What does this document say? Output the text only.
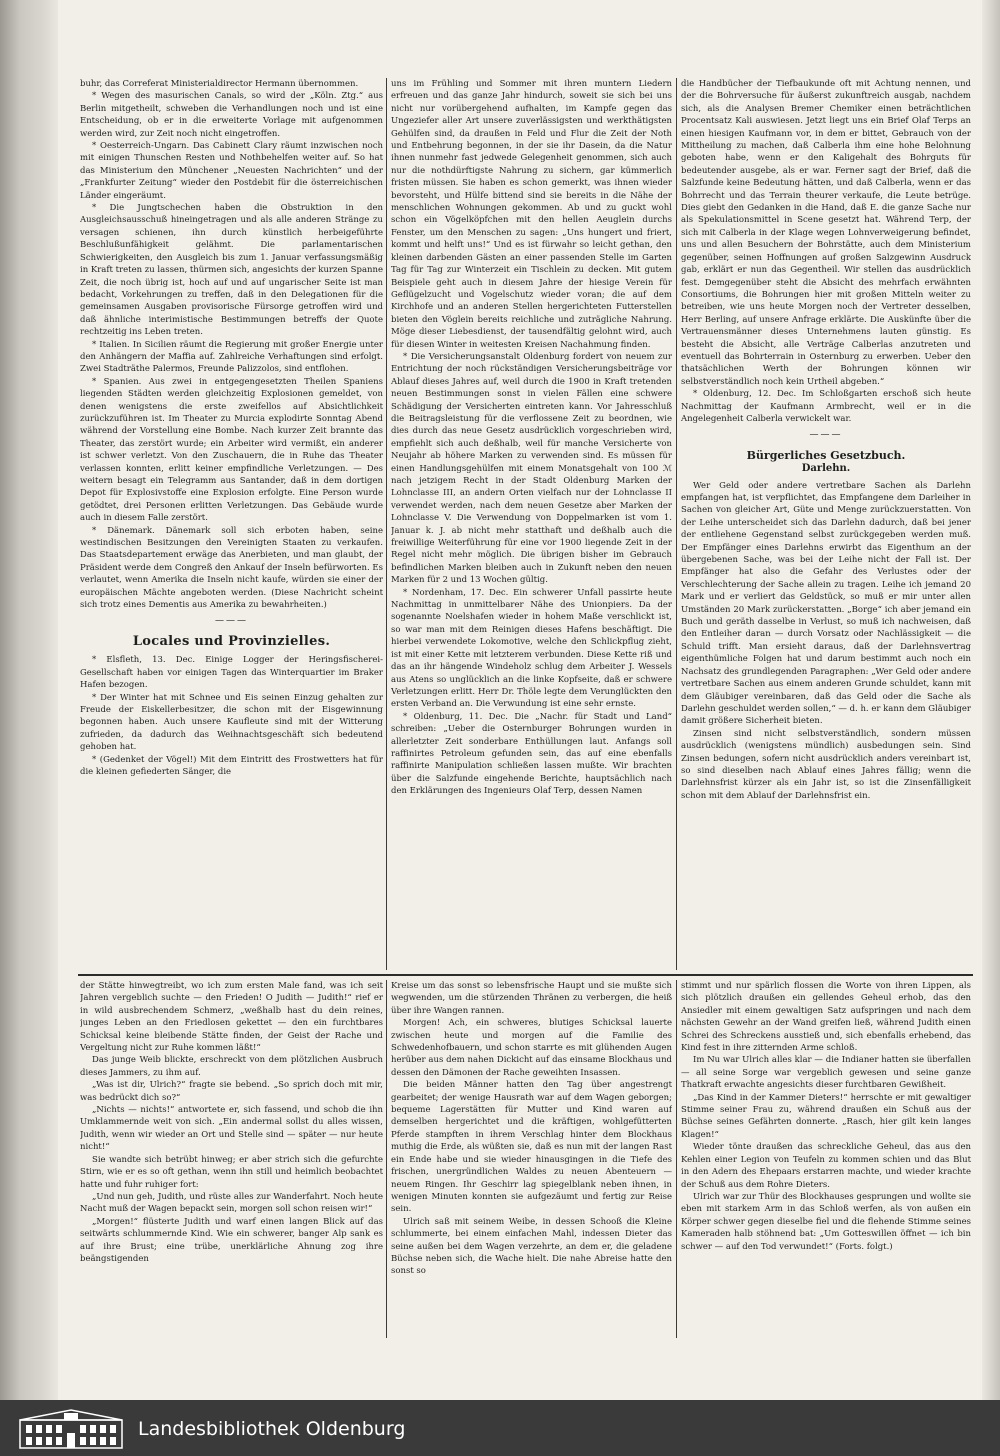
buhr, das Correferat Ministerialdirector Hermann übernommen.

* Wegen des masurischen Canals, so wird der „Köln. Ztg.“ aus Berlin mitgetheilt, schweben die Verhandlungen noch und ist eine Entscheidung, ob er in die erweiterte Vorlage mit aufgenommen werden wird, zur Zeit noch nicht eingetroffen.

* Oesterreich-Ungarn. Das Cabinett Clary räumt inzwischen noch mit einigen Thunschen Resten und Nothbehelfen weiter auf. So hat das Ministerium den Münchener „Neuesten Nachrichten“ und der „Frankfurter Zeitung“ wieder den Postdebit für die österreichischen Länder eingeräumt.

* Die Jungtschechen haben die Obstruktion in den Ausgleichsausschuß hineingetragen und als alle anderen Stränge zu versagen schienen, ihn durch künstlich herbeigeführte Beschlußunfähigkeit gelähmt. Die parlamentarischen Schwierigkeiten, den Ausgleich bis zum 1. Januar verfassungsmäßig in Kraft treten zu lassen, thürmen sich, angesichts der kurzen Spanne Zeit, die noch übrig ist, hoch auf und auf ungarischer Seite ist man bedacht, Vorkehrungen zu treffen, daß in den Delegationen für die gemeinsamen Ausgaben provisorische Fürsorge getroffen wird und daß ähnliche interimistische Bestimmungen betreffs der Quote rechtzeitig ins Leben treten.

* Italien. In Sicilien räumt die Regierung mit großer Energie unter den Anhängern der Maffia auf. Zahlreiche Verhaftungen sind erfolgt. Zwei Stadträthe Palermos, Freunde Palizzolos, sind entflohen.

* Spanien. Aus zwei in entgegengesetzten Theilen Spaniens liegenden Städten werden gleichzeitig Explosionen gemeldet, von denen wenigstens die erste zweifellos auf Absichtlichkeit zurückzuführen ist. Im Theater zu Murcia explodirte Sonntag Abend während der Vorstellung eine Bombe. Nach kurzer Zeit brannte das Theater, das zerstört wurde; ein Arbeiter wird vermißt, ein anderer ist schwer verletzt. Von den Zuschauern, die in Ruhe das Theater verlassen konnten, erlitt keiner empfindliche Verletzungen. — Des weitern besagt ein Telegramm aus Santander, daß in dem dortigen Depot für Explosivstoffe eine Explosion erfolgte. Eine Person wurde getödtet, drei Personen erlitten Verletzungen. Das Gebäude wurde auch in diesem Falle zerstört.

* Dänemark. Dänemark soll sich erboten haben, seine westindischen Besitzungen den Vereinigten Staaten zu verkaufen. Das Staatsdepartement erwäge das Anerbieten, und man glaubt, der Präsident werde dem Congreß den Ankauf der Inseln befürworten. Es verlautet, wenn Amerika die Inseln nicht kaufe, würden sie einer der europäischen Mächte angeboten werden. (Diese Nachricht scheint sich trotz eines Dementis aus Amerika zu bewahrheiten.)

———
Locales und Provinzielles.

* Elsfleth, 13. Dec. Einige Logger der Heringsfischerei-Gesellschaft haben vor einigen Tagen das Winterquartier im Braker Hafen bezogen.

* Der Winter hat mit Schnee und Eis seinen Einzug gehalten zur Freude der Eiskellerbesitzer, die schon mit der Eisgewinnung begonnen haben. Auch unsere Kaufleute sind mit der Witterung zufrieden, da dadurch das Weihnachtsgeschäft sich bedeutend gehoben hat.

* (Gedenket der Vögel!) Mit dem Eintritt des Frostwetters hat für die kleinen gefiederten Sänger, die

uns im Frühling und Sommer mit ihren muntern Liedern erfreuen und das ganze Jahr hindurch, soweit sie sich bei uns nicht nur vorübergehend aufhalten, im Kampfe gegen das Ungeziefer aller Art unsere zuverlässigsten und werkthätigsten Gehülfen sind, da draußen in Feld und Flur die Zeit der Noth und Entbehrung begonnen, in der sie ihr Dasein, da die Natur ihnen nunmehr fast jedwede Gelegenheit genommen, sich auch nur die nothdürftigste Nahrung zu sichern, gar kümmerlich fristen müssen. Sie haben es schon gemerkt, was ihnen wieder bevorsteht, und Hülfe bittend sind sie bereits in die Nähe der menschlichen Wohnungen gekommen. Ab und zu guckt wohl schon ein Vögelköpfchen mit den hellen Aeuglein durchs Fenster, um den Menschen zu sagen: „Uns hungert und friert, kommt und helft uns!“ Und es ist fürwahr so leicht gethan, den kleinen darbenden Gästen an einer passenden Stelle im Garten Tag für Tag zur Winterzeit ein Tischlein zu decken. Mit gutem Beispiele geht auch in diesem Jahre der hiesige Verein für Geflügelzucht und Vogelschutz wieder voran; die auf dem Kirchhofe und an anderen Stellen hergerichteten Futterstellen bieten den Vöglein bereits reichliche und zuträgliche Nahrung. Möge dieser Liebesdienst, der tausendfältig gelohnt wird, auch für diesen Winter in weitesten Kreisen Nachahmung finden.

* Die Versicherungsanstalt Oldenburg fordert von neuem zur Entrichtung der noch rückständigen Versicherungsbeiträge vor Ablauf dieses Jahres auf, weil durch die 1900 in Kraft tretenden neuen Bestimmungen sonst in vielen Fällen eine schwere Schädigung der Versicherten eintreten kann. Vor Jahresschluß die Beitragsleistung für die verflossene Zeit zu beordnen, wie dies durch das neue Gesetz ausdrücklich vorgeschrieben wird, empfiehlt sich auch deßhalb, weil für manche Versicherte von Neujahr ab höhere Marken zu verwenden sind. Es müssen für einen Handlungsgehülfen mit einem Monatsgehalt von 100 ℳ nach jetzigem Recht in der Stadt Oldenburg Marken der Lohnclasse III, an andern Orten vielfach nur der Lohnclasse II verwendet werden, nach dem neuen Gesetze aber Marken der Lohnclasse V. Die Verwendung von Doppelmarken ist vom 1. Januar k. J. ab nicht mehr statthaft und deßhalb auch die freiwillige Weiterführung für eine vor 1900 liegende Zeit in der Regel nicht mehr möglich. Die übrigen bisher im Gebrauch befindlichen Marken bleiben auch in Zukunft neben den neuen Marken für 2 und 13 Wochen gültig.

* Nordenham, 17. Dec. Ein schwerer Unfall passirte heute Nachmittag in unmittelbarer Nähe des Unionpiers. Da der sogenannte Noelshafen wieder in hohem Maße verschlickt ist, so war man mit dem Reinigen dieses Hafens beschäftigt. Die hierbei verwendete Lokomotive, welche den Schlickpflug zieht, ist mit einer Kette mit letzterem verbunden. Diese Kette riß und das an ihr hängende Windeholz schlug dem Arbeiter J. Wessels aus Atens so unglücklich an die linke Kopfseite, daß er schwere Verletzungen erlitt. Herr Dr. Thöle legte dem Verunglückten den ersten Verband an. Die Verwundung ist eine sehr ernste.

* Oldenburg, 11. Dec. Die „Nachr. für Stadt und Land“ schreiben: „Ueber die Osternburger Bohrungen wurden in allerletzter Zeit sonderbare Enthüllungen laut. Anfangs soll raffinirtes Petroleum gefunden sein, das auf eine ebenfalls raffinirte Manipulation schließen lassen mußte. Wir brachten über die Salzfunde eingehende Berichte, hauptsächlich nach den Erklärungen des Ingenieurs Olaf Terp, dessen Namen

die Handbücher der Tiefbaukunde oft mit Achtung nennen, und der die Bohrversuche für äußerst zukunftreich ausgab, nachdem sich, als die Analysen Bremer Chemiker einen beträchtlichen Procentsatz Kali auswiesen. Jetzt liegt uns ein Brief Olaf Terps an einen hiesigen Kaufmann vor, in dem er bittet, Gebrauch von der Mittheilung zu machen, daß Calberla ihm eine hohe Belohnung geboten habe, wenn er den Kaligehalt des Bohrguts für bedeutender ausgebe, als er war. Ferner sagt der Brief, daß die Salzfunde keine Bedeutung hätten, und daß Calberla, wenn er das Bohrrecht und das Terrain theurer verkaufe, die Leute betrüge. Dies giebt den Gedanken in die Hand, daß E. die ganze Sache nur als Spekulationsmittel in Scene gesetzt hat. Während Terp, der sich mit Calberla in der Klage wegen Lohnverweigerung befindet, uns und allen Besuchern der Bohrstätte, auch dem Ministerium gegenüber, seinen Hoffnungen auf großen Salzgewinn Ausdruck gab, erklärt er nun das Gegentheil. Wir stellen das ausdrücklich fest. Demgegenüber steht die Absicht des mehrfach erwähnten Consortiums, die Bohrungen hier mit großen Mitteln weiter zu betreiben, wie uns heute Morgen noch der Vertreter desselben, Herr Berling, auf unsere Anfrage erklärte. Die Auskünfte über die Vertrauensmänner dieses Unternehmens lauten günstig. Es besteht die Absicht, alle Verträge Calberlas anzutreten und eventuell das Bohrterrain in Osternburg zu erwerben. Ueber den thatsächlichen Werth der Bohrungen können wir selbstverständlich noch kein Urtheil abgeben.“

* Oldenburg, 12. Dec. Im Schloßgarten erschoß sich heute Nachmittag der Kaufmann Armbrecht, weil er in die Angelegenheit Calberla verwickelt war.

———
Bürgerliches Gesetzbuch.
Darlehn.

Wer Geld oder andere vertretbare Sachen als Darlehn empfangen hat, ist verpflichtet, das Empfangene dem Darleiher in Sachen von gleicher Art, Güte und Menge zurückzuerstatten. Von der Leihe unterscheidet sich das Darlehn dadurch, daß bei jener der entliehene Gegenstand selbst zurückgegeben werden muß. Der Empfänger eines Darlehns erwirbt das Eigenthum an der übergebenen Sache, was bei der Leihe nicht der Fall ist. Der Empfänger hat also die Gefahr des Verlustes oder der Verschlechterung der Sache allein zu tragen. Leihe ich jemand 20 Mark und er verliert das Geldstück, so muß er mir unter allen Umständen 20 Mark zurückerstatten. „Borge“ ich aber jemand ein Buch und geräth dasselbe in Verlust, so muß ich nachweisen, daß den Entleiher daran — durch Vorsatz oder Nachlässigkeit — die Schuld trifft. Man ersieht daraus, daß der Darlehnsvertrag eigenthümliche Folgen hat und darum bestimmt auch noch ein Nachsatz des grundlegenden Paragraphen: „Wer Geld oder andere vertretbare Sachen aus einem anderen Grunde schuldet, kann mit dem Gläubiger vereinbaren, daß das Geld oder die Sache als Darlehn geschuldet werden sollen,“ — d. h. er kann dem Gläubiger damit größere Sicherheit bieten.

Zinsen sind nicht selbstverständlich, sondern müssen ausdrücklich (wenigstens mündlich) ausbedungen sein. Sind Zinsen bedungen, sofern nicht ausdrücklich anders vereinbart ist, so sind dieselben nach Ablauf eines Jahres fällig; wenn die Darlehnsfrist kürzer als ein Jahr ist, so ist die Zinsenfälligkeit schon mit dem Ablauf der Darlehnsfrist ein.

der Stätte hinwegtreibt, wo ich zum ersten Male fand, was ich seit Jahren vergeblich suchte — den Frieden! O Judith — Judith!“ rief er in wild ausbrechendem Schmerz, „weßhalb hast du dein reines, junges Leben an den Friedlosen gekettet — den ein furchtbares Schicksal keine bleibende Stätte finden, der Geist der Rache und Vergeltung nicht zur Ruhe kommen läßt!“

Das junge Weib blickte, erschreckt von dem plötzlichen Ausbruch dieses Jammers, zu ihm auf.

„Was ist dir, Ulrich?“ fragte sie bebend. „So sprich doch mit mir, was bedrückt dich so?“

„Nichts — nichts!“ antwortete er, sich fassend, und schob die ihn Umklammernde weit von sich. „Ein andermal sollst du alles wissen, Judith, wenn wir wieder an Ort und Stelle sind — später — nur heute nicht!“

Sie wandte sich betrübt hinweg; er aber strich sich die gefurchte Stirn, wie er es so oft gethan, wenn ihn still und heimlich beobachtet hatte und fuhr ruhiger fort:

„Und nun geh, Judith, und rüste alles zur Wanderfahrt. Noch heute Nacht muß der Wagen bepackt sein, morgen soll schon reisen wir!“

„Morgen!“ flüsterte Judith und warf einen langen Blick auf das seitwärts schlummernde Kind. Wie ein schwerer, banger Alp sank es auf ihre Brust; eine trübe, unerklärliche Ahnung zog ihre beängstigenden

Kreise um das sonst so lebensfrische Haupt und sie mußte sich wegwenden, um die stürzenden Thränen zu verbergen, die heiß über ihre Wangen rannen.

Morgen! Ach, ein schweres, blutiges Schicksal lauerte zwischen heute und morgen auf die Familie des Schwedenhofbauern, und schon starrte es mit glühenden Augen herüber aus dem nahen Dickicht auf das einsame Blockhaus und dessen den Dämonen der Rache geweihten Insassen.

Die beiden Männer hatten den Tag über angestrengt gearbeitet; der wenige Hausrath war auf dem Wagen geborgen; bequeme Lagerstätten für Mutter und Kind waren auf demselben hergerichtet und die kräftigen, wohlgefütterten Pferde stampften in ihrem Verschlag hinter dem Blockhaus muthig die Erde, als wüßten sie, daß es nun mit der langen Rast ein Ende habe und sie wieder hinausgingen in die Tiefe des frischen, unergründlichen Waldes zu neuen Abenteuern — neuem Ringen. Ihr Geschirr lag spiegelblank neben ihnen, in wenigen Minuten konnten sie aufgezäumt und fertig zur Reise sein.

Ulrich saß mit seinem Weibe, in dessen Schooß die Kleine schlummerte, bei einem einfachen Mahl, indessen Dieter das seine außen bei dem Wagen verzehrte, an dem er, die geladene Büchse neben sich, die Wache hielt. Die nahe Abreise hatte den sonst so

stimmt und nur spärlich flossen die Worte von ihren Lippen, als sich plötzlich draußen ein gellendes Geheul erhob, das den Ansiedler mit einem gewaltigen Satz aufspringen und nach dem nächsten Gewehr an der Wand greifen ließ, während Judith einen Schrei des Schreckens ausstieß und, sich ebenfalls erhebend, das Kind fest in ihre zitternden Arme schloß.

Im Nu war Ulrich alles klar — die Indianer hatten sie überfallen — all seine Sorge war vergeblich gewesen und seine ganze Thatkraft erwachte angesichts dieser furchtbaren Gewißheit.

„Das Kind in der Kammer Dieters!“ herrschte er mit gewaltiger Stimme seiner Frau zu, während draußen ein Schuß aus der Büchse seines Gefährten donnerte. „Rasch, hier gilt kein langes Klagen!“

Wieder tönte draußen das schreckliche Geheul, das aus den Kehlen einer Legion von Teufeln zu kommen schien und das Blut in den Adern des Ehepaars erstarren machte, und wieder krachte der Schuß aus dem Rohre Dieters.

Ulrich war zur Thür des Blockhauses gesprungen und wollte sie eben mit starkem Arm in das Schloß werfen, als von außen ein Körper schwer gegen dieselbe fiel und die flehende Stimme seines Kameraden halb stöhnend bat: „Um Gotteswillen öffnet — ich bin schwer — auf den Tod verwundet!“ (Forts. folgt.)

Landesbibliothek Oldenburg
